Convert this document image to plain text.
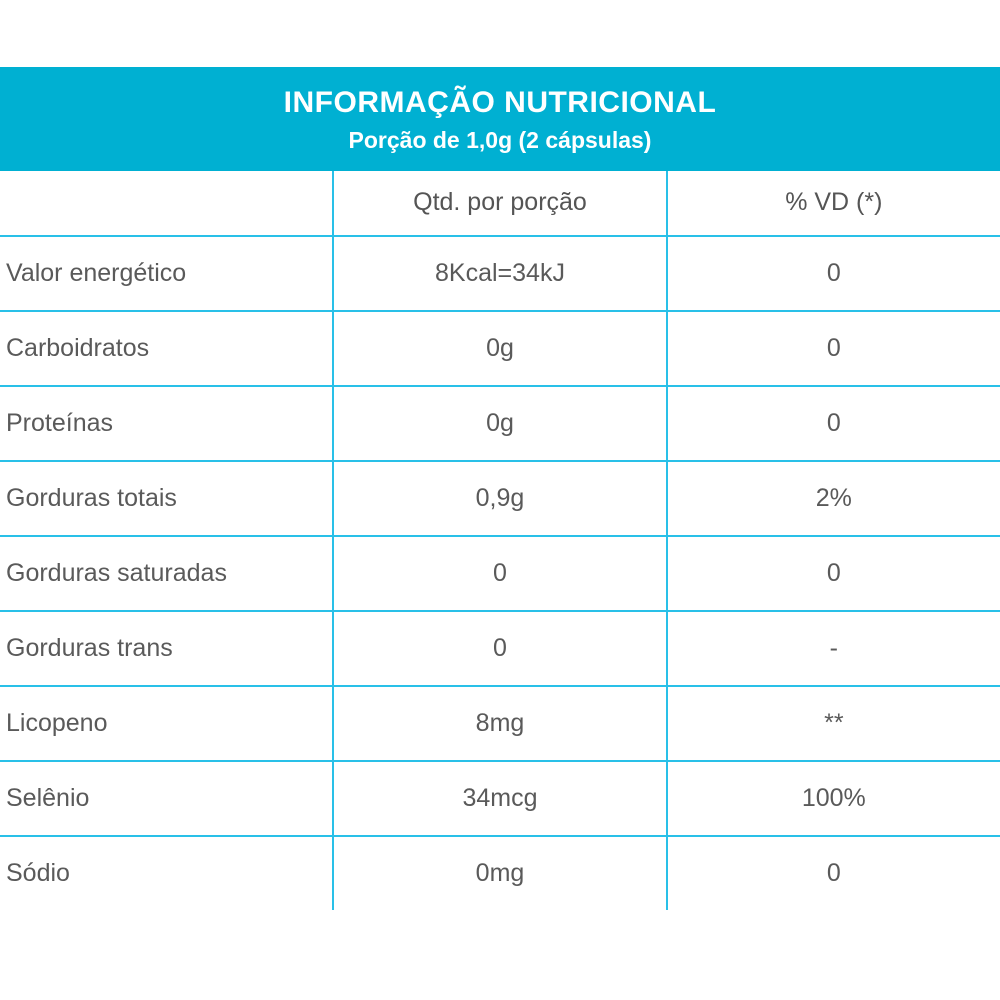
INFORMAÇÃO NUTRICIONAL
Porção de 1,0g (2 cápsulas)		

	Qtd. por porção	% VD (*)
Valor energético	8Kcal=34kJ	0
Carboidratos	0g	0
Proteínas	0g	0
Gorduras totais	0,9g	2%
Gorduras saturadas	0	0
Gorduras trans	0	-
Licopeno	8mg	**
Selênio	34mcg	100%
Sódio	0mg	0
